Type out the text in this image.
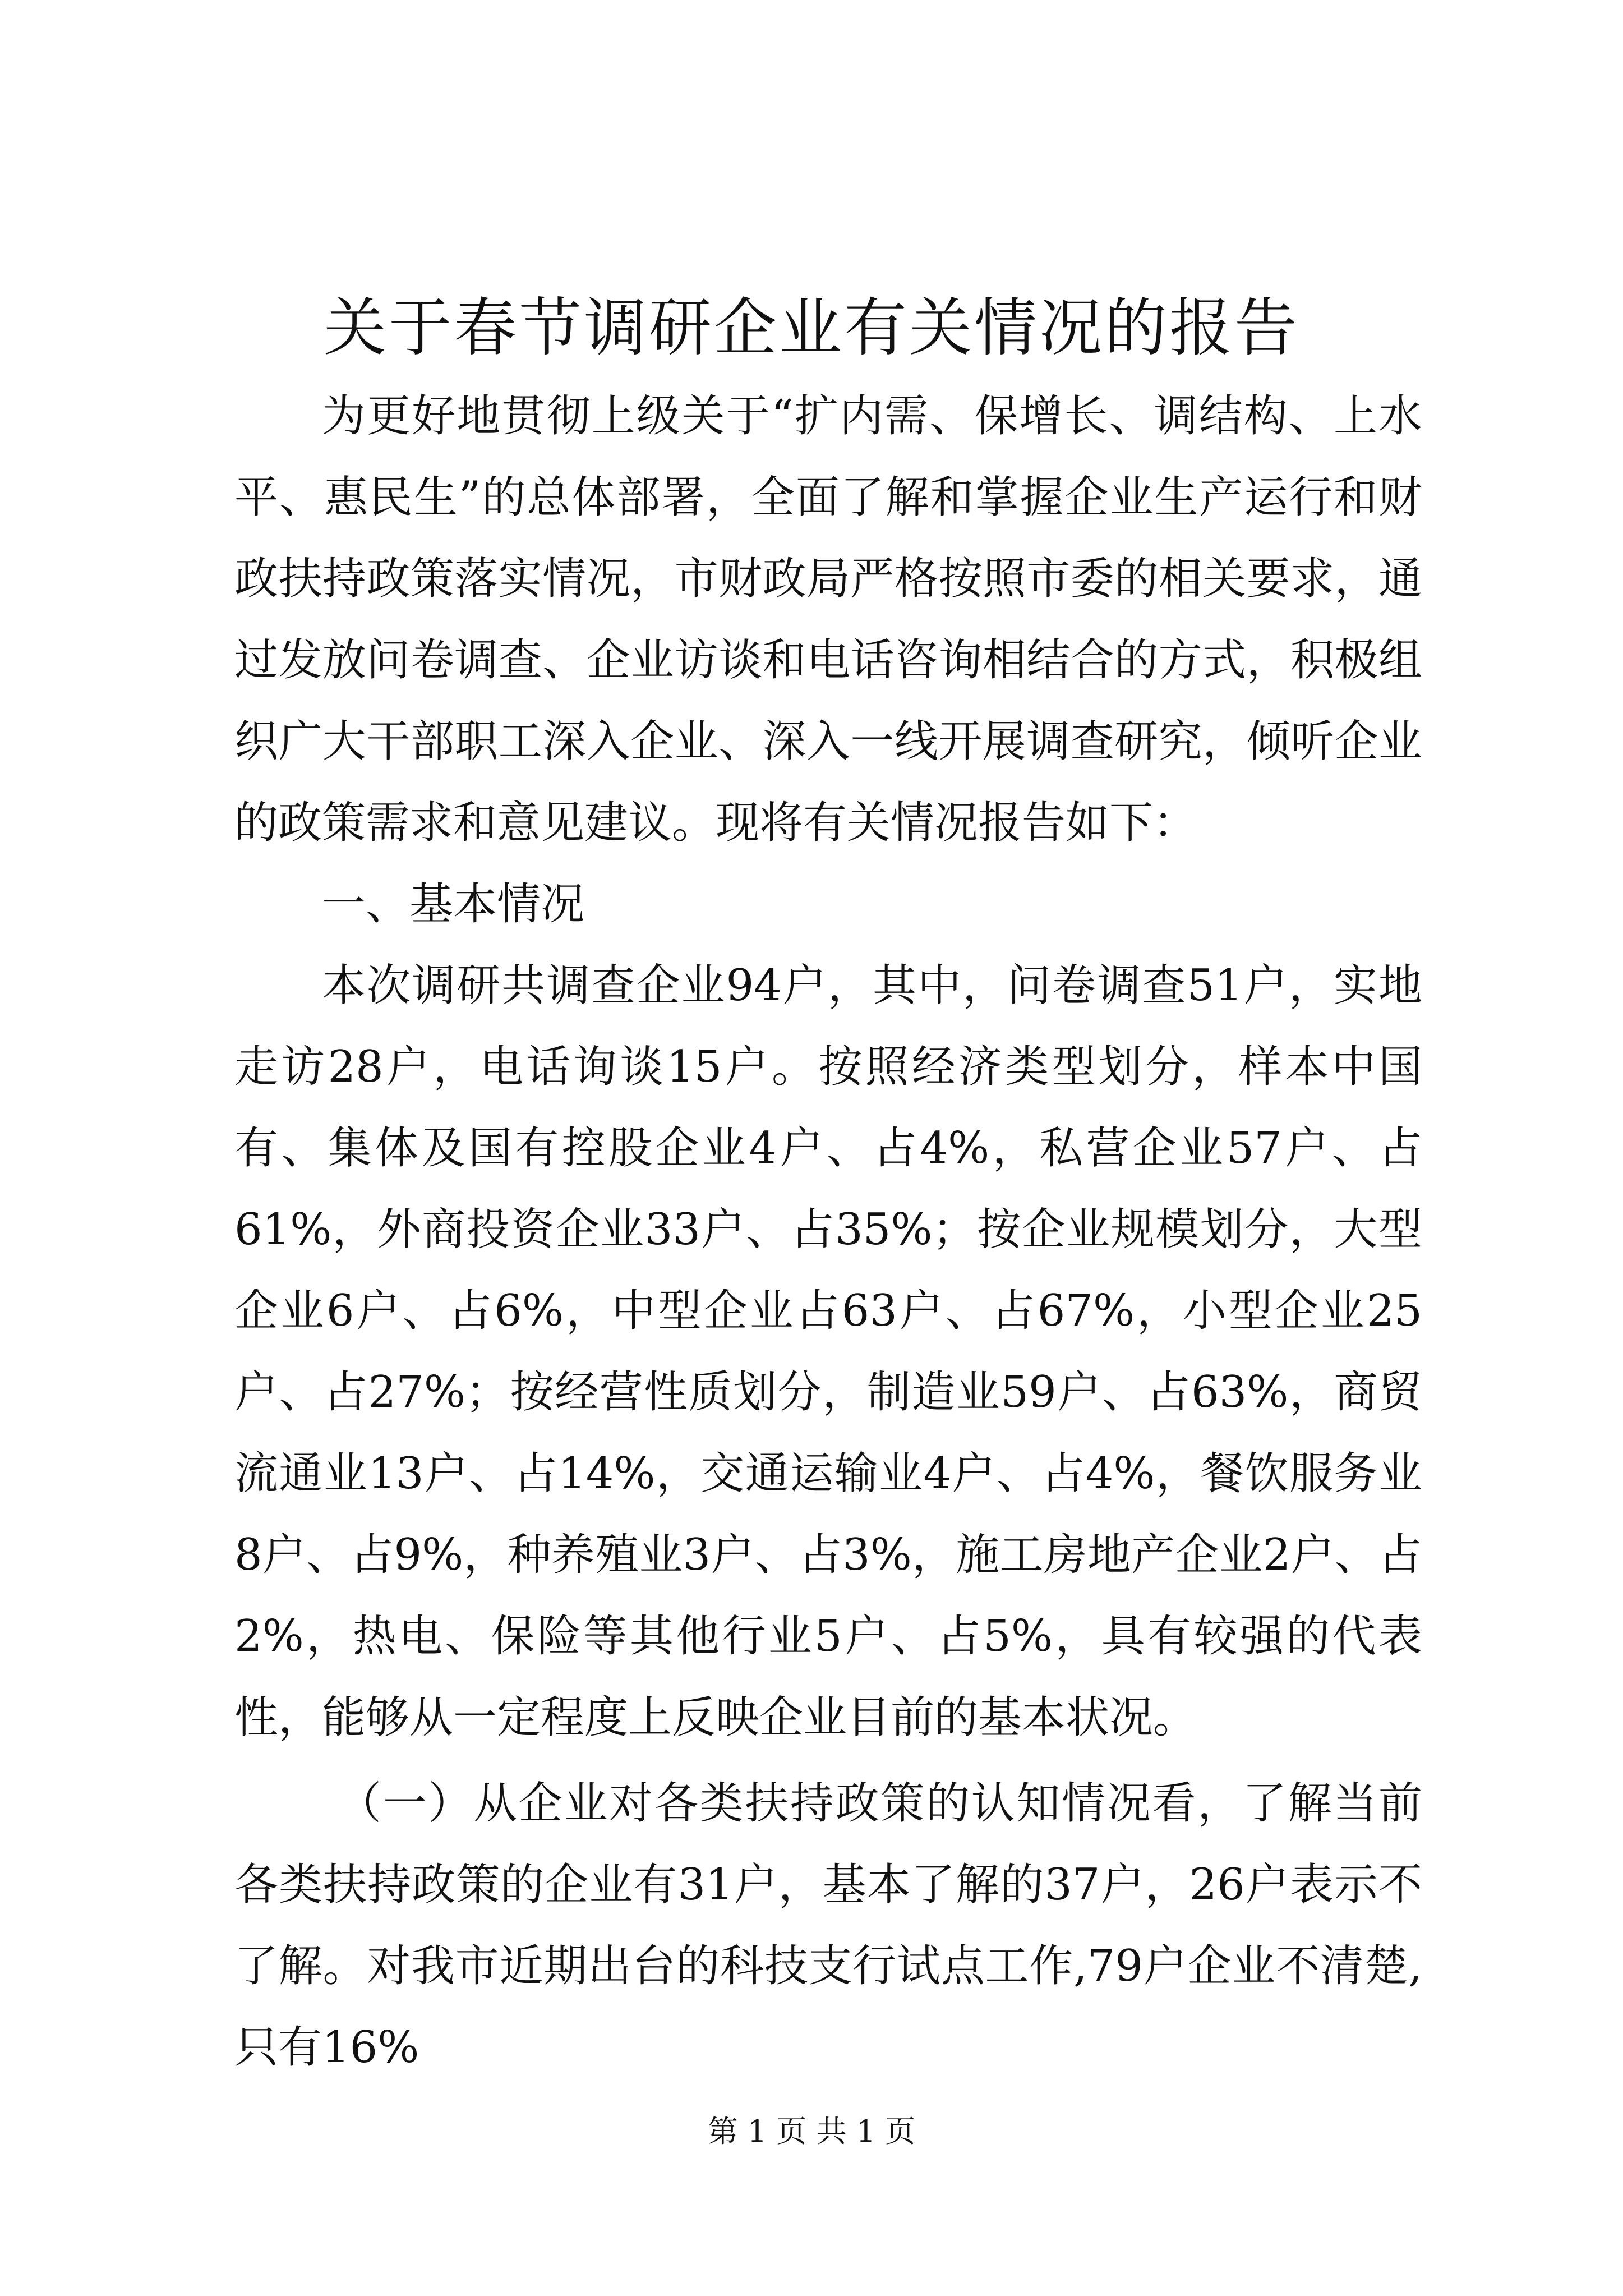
关于春节调研企业有关情况的报告

为更好地贯彻上级关于“扩内需、保增长、调结构、上水平、惠民生”的总体部署，全面了解和掌握企业生产运行和财政扶持政策落实情况，市财政局严格按照市委的相关要求，通过发放问卷调查、企业访谈和电话咨询相结合的方式，积极组织广大干部职工深入企业、深入一线开展调查研究，倾听企业的政策需求和意见建议。现将有关情况报告如下：

一、基本情况

本次调研共调查企业94户，其中，问卷调查51户，实地走访28户，电话询谈15户。按照经济类型划分，样本中国有、集体及国有控股企业4户、占4%，私营企业57户、占61%，外商投资企业33户、占35%；按企业规模划分，大型企业6户、占6%，中型企业占63户、占67%，小型企业25户、占27%；按经营性质划分，制造业59户、占63%，商贸流通业13户、占14%，交通运输业4户、占4%，餐饮服务业8户、占9%，种养殖业3户、占3%，施工房地产企业2户、占2%，热电、保险等其他行业5户、占5%，具有较强的代表性，能够从一定程度上反映企业目前的基本状况。

（一）从企业对各类扶持政策的认知情况看，了解当前各类扶持政策的企业有31户，基本了解的37户，26户表示不了解。对我市近期出台的科技支行试点工作,79户企业不清楚,只有16%

第 1 页 共 1 页
